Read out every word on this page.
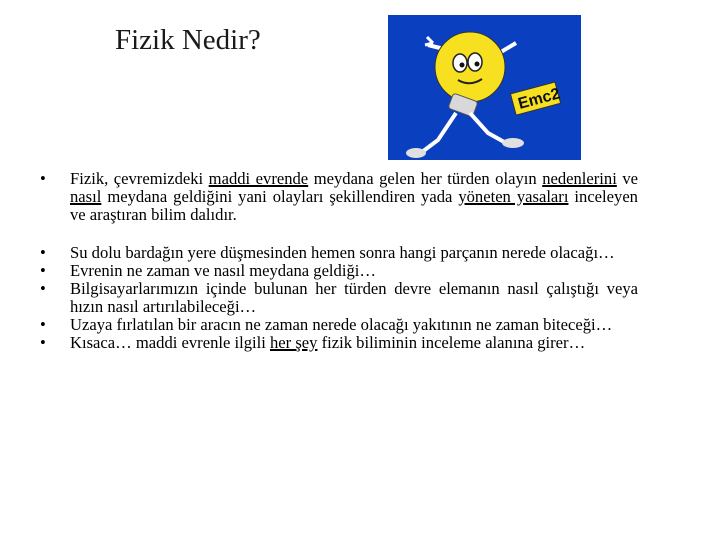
Fizik Nedir?
Emc2
• Fizik, çevremizdeki maddi evrende meydana gelen her türden olayın nedenlerini ve nasıl meydana geldiğini yani olayları şekillendiren yada yöneten yasaları inceleyen ve araştıran bilim dalıdır.
• Su dolu bardağın yere düşmesinden hemen sonra hangi parçanın nerede olacağı…
• Evrenin ne zaman ve nasıl meydana geldiği…
• Bilgisayarlarımızın içinde bulunan her türden devre elemanın nasıl çalıştığı veya hızın nasıl artırılabileceği…
• Uzaya fırlatılan bir aracın ne zaman nerede olacağı yakıtının ne zaman biteceği…
• Kısaca… maddi evrenle ilgili her şey fizik biliminin inceleme alanına girer…
